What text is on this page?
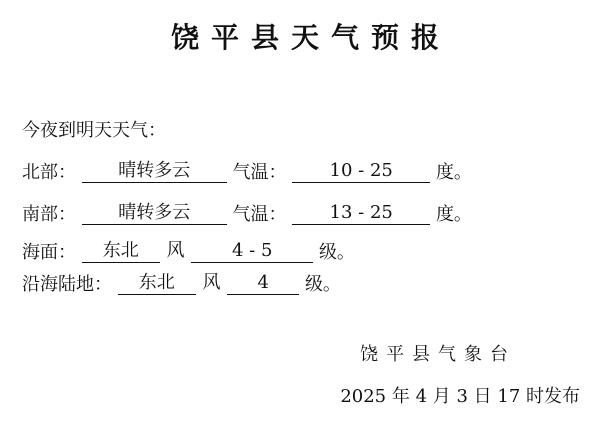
饶平县天气预报
今夜到明天天气：
北部： 晴转多云 气温： 10 - 25 度。
南部： 晴转多云 气温： 13 - 25 度。
海面： 东北 风	4 - 5	级。
沿海陆地： 东北 风 4 级。
饶平县气象台
2025 年 4 月 3 日 17 时发布
